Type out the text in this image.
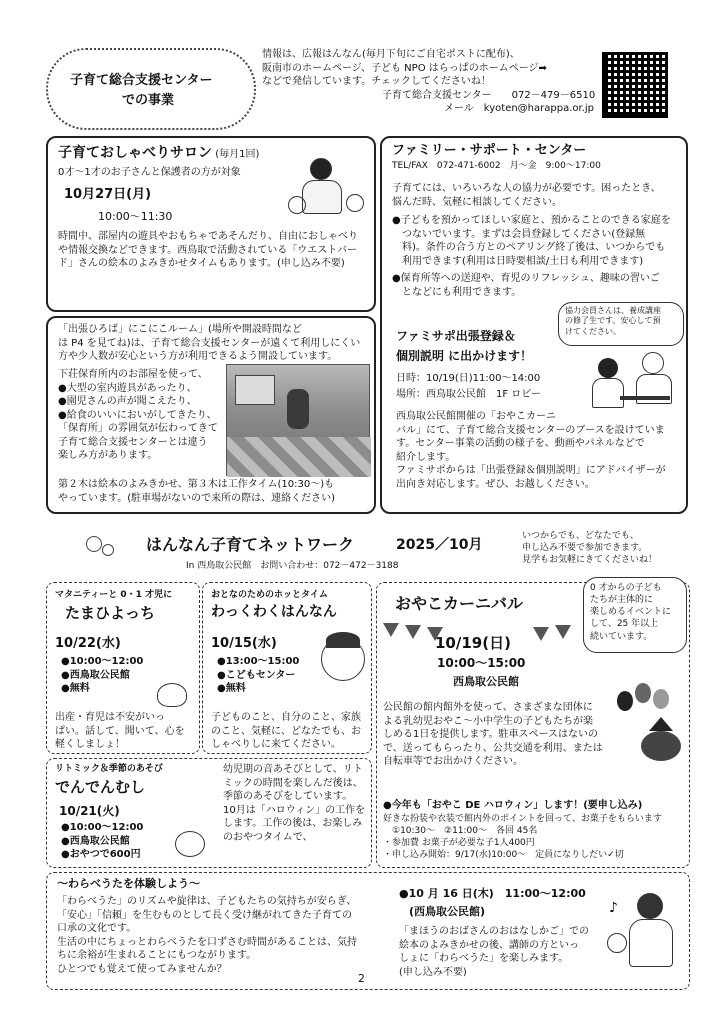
子育て総合支援センター
での事業
情報は、広報はんなん(毎月下旬にご自宅ポストに配布)、
阪南市のホームページ、子ども NPO はらっぱのホームページ➡
などで発信しています。チェックしてくださいね！
子育て総合支援センター　　072－479－6510
メール　kyoten@harappa.or.jp
子育ておしゃべりサロン (毎月1回)
0才～1才のお子さんと保護者の方が対象
10月27日(月)
10:00～11:30
時間中、部屋内の遊具やおもちゃであそんだり、自由におしゃべり
や情報交換などできます。西鳥取で活動されている「ウエストバー
ド」さんの絵本のよみきかせタイムもあります。(申し込み不要)
「出張ひろば」にこにこルーム」(場所や開設時間など
は P4 を見てね)は、子育て総合支援センターが遠くて利用しにくい
方や少人数が安心という方が利用できるよう開設しています。
下荘保育所内のお部屋を使って、
●大型の室内遊具があったり、
●園児さんの声が聞こえたり、
●給食のいいにおいがしてきたり、
「保育所」の雰囲気が伝わってきて
子育て総合支援センターとは違う
楽しみ方があります。
第２木は絵本のよみきかせ、第３木は工作タイム(10:30～)も
やっています。(駐車場がないので来所の際は、連絡ください)
ファミリー・サポート・センター
TEL/FAX　072-471-6002　月～金　9:00～17:00
子育てには、いろいろな人の協力が必要です。困ったとき、
悩んだ時、気軽に相談してください。
●子どもを預かってほしい家庭と、預かることのできる家庭を
　つないでいます。まずは会員登録してください(登録無
　料)。条件の合う方とのペアリング終了後は、いつからでも
　利用できます(利用は日時要相談/土日も利用できます)
●保育所等への送迎や、育児のリフレッシュ、趣味の習いご
　となどにも利用できます。
協力会員さんは、養成講座
の修了生です。安心して預
けてください。
ファミサポ出張登録＆
個別説明 に出かけます！
日時：10/19(日)11:00～14:00
場所：西鳥取公民館　1F ロビー
西鳥取公民館開催の「おやこカーニ
バル」にて、子育て総合支援センターのブースを設けていま
す。センター事業の活動の様子を、動画やパネルなどで
紹介します。
ファミサポからは「出張登録＆個別説明」にアドバイザーが
出向き対応します。ぜひ、お越しください。
はんなん子育てネットワーク	2025／10月
In 西鳥取公民館　お問い合わせ：072－472－3188
いつからでも、どなたでも、
申し込み不要で参加できます。
見学もお気軽にきてくださいね！
マタニティーと 0・1 才児に
たまひよっち
10/22(水)
●10:00～12:00
●西鳥取公民館
●無料
出産・育児は不安がいっ
ぱい。話して、聞いて、心を
軽くしましょ！
おとなのためのホッとタイム
わっくわくはんなん
10/15(水)
●13:00～15:00
●こどもセンター
●無料
子どものこと、自分のこと、家族
のこと、気軽に、どなたでも、お
しゃべりしに来てください。
リトミック＆季節のあそび
でんでんむし
10/21(火)
●10:00～12:00
●西鳥取公民館
●おやつで600円
幼児期の音あそびとして、リト
ミックの時間を楽しんだ後は、
季節のあそびをしています。
10月は「ハロウィン」の工作を
します。工作の後は、お楽しみ
のおやつタイムで、
おやこカーニバル
0 才からの子ども
たちが主体的に
楽しめるイベントに
して、25 年以上
続いています。
10/19(日)
10:00～15:00
西鳥取公民館
公民館の館内館外を使って、さまざまな団体に
よる乳幼児おやこ～小中学生の子どもたちが楽
しめる1日を提供します。駐車スペースはないの
で、送ってもらったり、公共交通を利用、または
自転車等でお出かけください。
●今年も「おやこ DE ハロウィン」します！(要申し込み)
好きな扮装や衣装で館内外のポイントを回って、お菓子をもらいます
　①10:30～　②11:00～　各回 45名
・参加費 お菓子が必要な子1人400円
・申し込み開始：9/17(水)10:00～　定員になりしだい✓切
～わらべうたを体験しよう～
「わらべうた」のリズムや旋律は、子どもたちの気持ちが安らぎ、
「安心」「信頼」を生むものとして長く受け継がれてきた子育ての
口承の文化です。
生活の中にちょっとわらべうたを口ずさむ時間があることは、気持
ちに余裕が生まれることにもつながります。
ひとつでも覚えて使ってみませんか？
●10 月 16 日(木)　11:00～12:00
(西鳥取公民館)
「まほうのおばさんのおはなしかご」での
絵本のよみきかせの後、講師の方といっ
しょに「わらべうた」を楽しみます。
(申し込み不要)
♪
2
